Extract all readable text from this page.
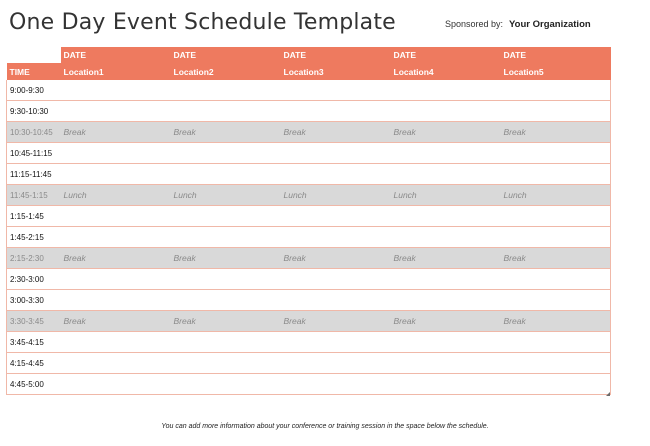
One Day Event Schedule Template	Sponsored by: Your Organization
	DATE	DATE	DATE	DATE	DATE
TIME	Location1	Location2	Location3	Location4	Location5
9:00-9:30					
9:30-10:30					
10:30-10:45	Break	Break	Break	Break	Break
10:45-11:15					
11:15-11:45					
11:45-1:15	Lunch	Lunch	Lunch	Lunch	Lunch
1:15-1:45					
1:45-2:15					
2:15-2:30	Break	Break	Break	Break	Break
2:30-3:00					
3:00-3:30					
3:30-3:45	Break	Break	Break	Break	Break
3:45-4:15					
4:15-4:45					
4:45-5:00					
You can add more information about your conference or training session in the space below the schedule.
